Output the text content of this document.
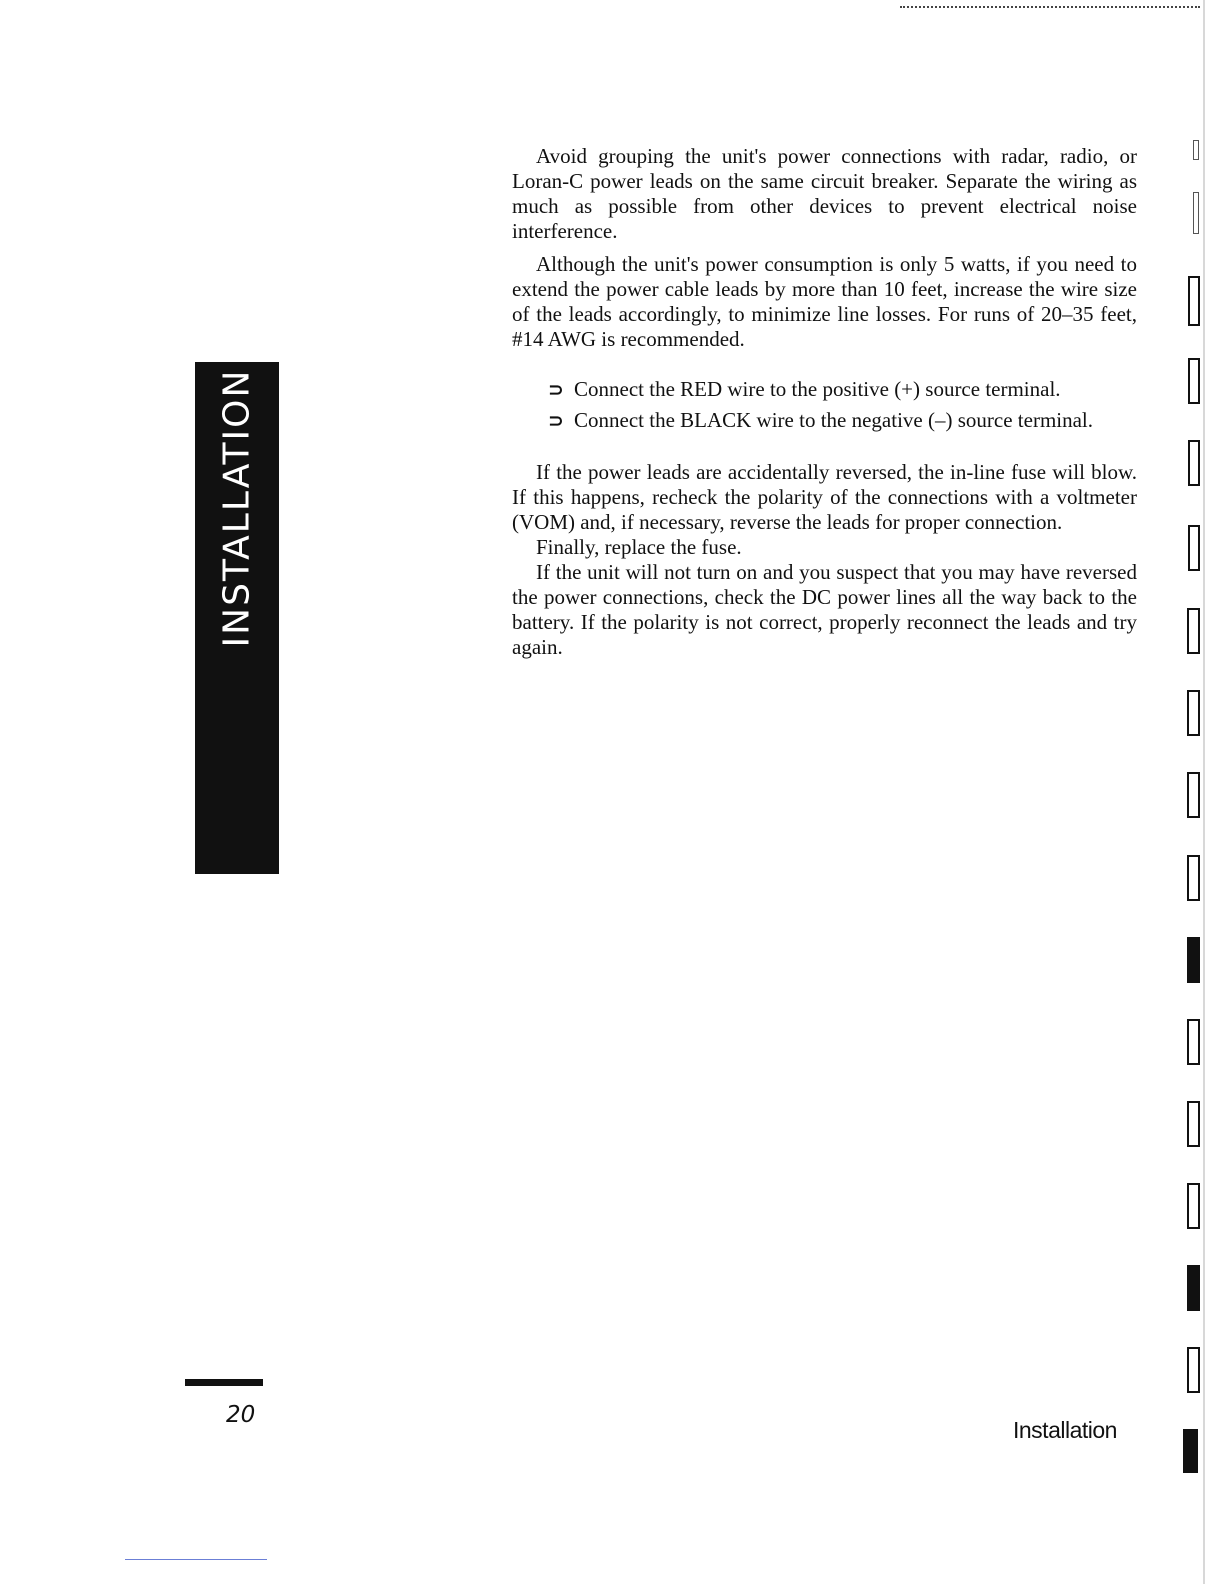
INSTALLATION

Avoid grouping the unit's power connections with radar, radio, or Loran-C power leads on the same circuit breaker. Separate the wiring as much as possible from other devices to prevent electrical noise interference.

Although the unit's power consumption is only 5 watts, if you need to extend the power cable leads by more than 10 feet, increase the wire size of the leads accordingly, to minimize line losses. For runs of 20–35 feet, #14 AWG is recommended.

⊃ Connect the RED wire to the positive (+) source terminal.
⊃ Connect the BLACK wire to the negative (–) source terminal.

If the power leads are accidentally reversed, the in-line fuse will blow. If this happens, recheck the polarity of the connections with a voltmeter (VOM) and, if necessary, reverse the leads for proper connection.

Finally, replace the fuse.

If the unit will not turn on and you suspect that you may have reversed the power connections, check the DC power lines all the way back to the battery. If the polarity is not correct, properly reconnect the leads and try again.

20
Installation
